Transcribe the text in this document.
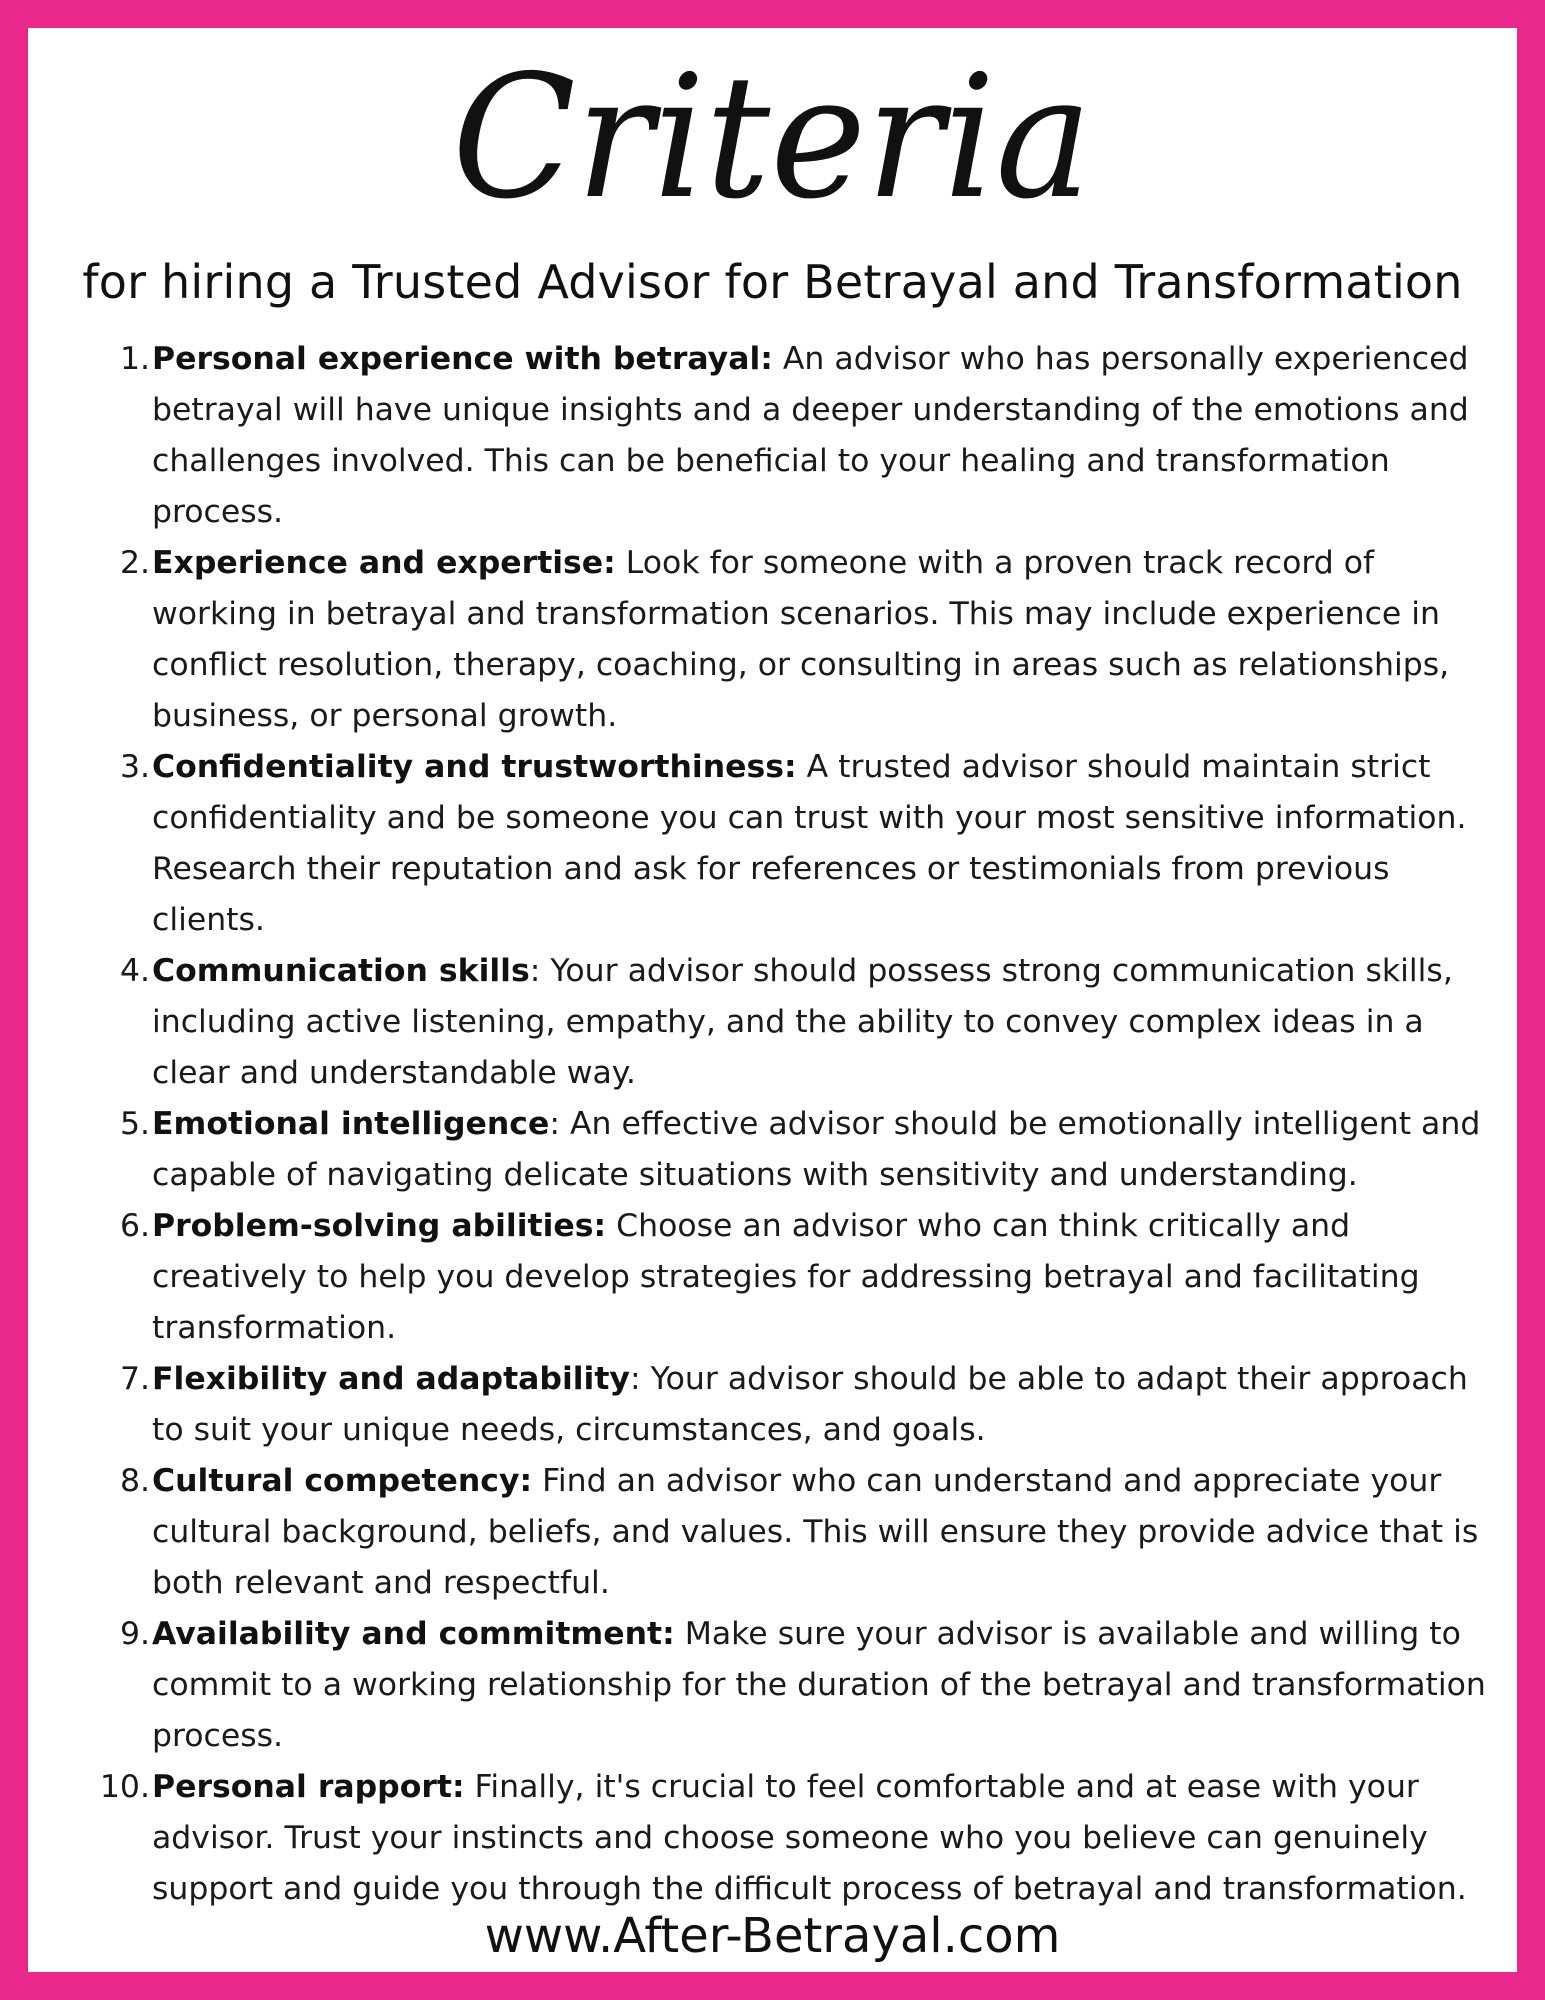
Criteria
for hiring a Trusted Advisor for Betrayal and Transformation
1. Personal experience with betrayal: An advisor who has personally experienced betrayal will have unique insights and a deeper understanding of the emotions and challenges involved. This can be beneficial to your healing and transformation process.
2. Experience and expertise: Look for someone with a proven track record of working in betrayal and transformation scenarios. This may include experience in conflict resolution, therapy, coaching, or consulting in areas such as relationships, business, or personal growth.
3. Confidentiality and trustworthiness: A trusted advisor should maintain strict confidentiality and be someone you can trust with your most sensitive information. Research their reputation and ask for references or testimonials from previous clients.
4. Communication skills: Your advisor should possess strong communication skills, including active listening, empathy, and the ability to convey complex ideas in a clear and understandable way.
5. Emotional intelligence: An effective advisor should be emotionally intelligent and capable of navigating delicate situations with sensitivity and understanding.
6. Problem-solving abilities: Choose an advisor who can think critically and creatively to help you develop strategies for addressing betrayal and facilitating transformation.
7. Flexibility and adaptability: Your advisor should be able to adapt their approach to suit your unique needs, circumstances, and goals.
8. Cultural competency: Find an advisor who can understand and appreciate your cultural background, beliefs, and values. This will ensure they provide advice that is both relevant and respectful.
9. Availability and commitment: Make sure your advisor is available and willing to commit to a working relationship for the duration of the betrayal and transformation process.
10. Personal rapport: Finally, it's crucial to feel comfortable and at ease with your advisor. Trust your instincts and choose someone who you believe can genuinely support and guide you through the difficult process of betrayal and transformation.
www.After-Betrayal.com
